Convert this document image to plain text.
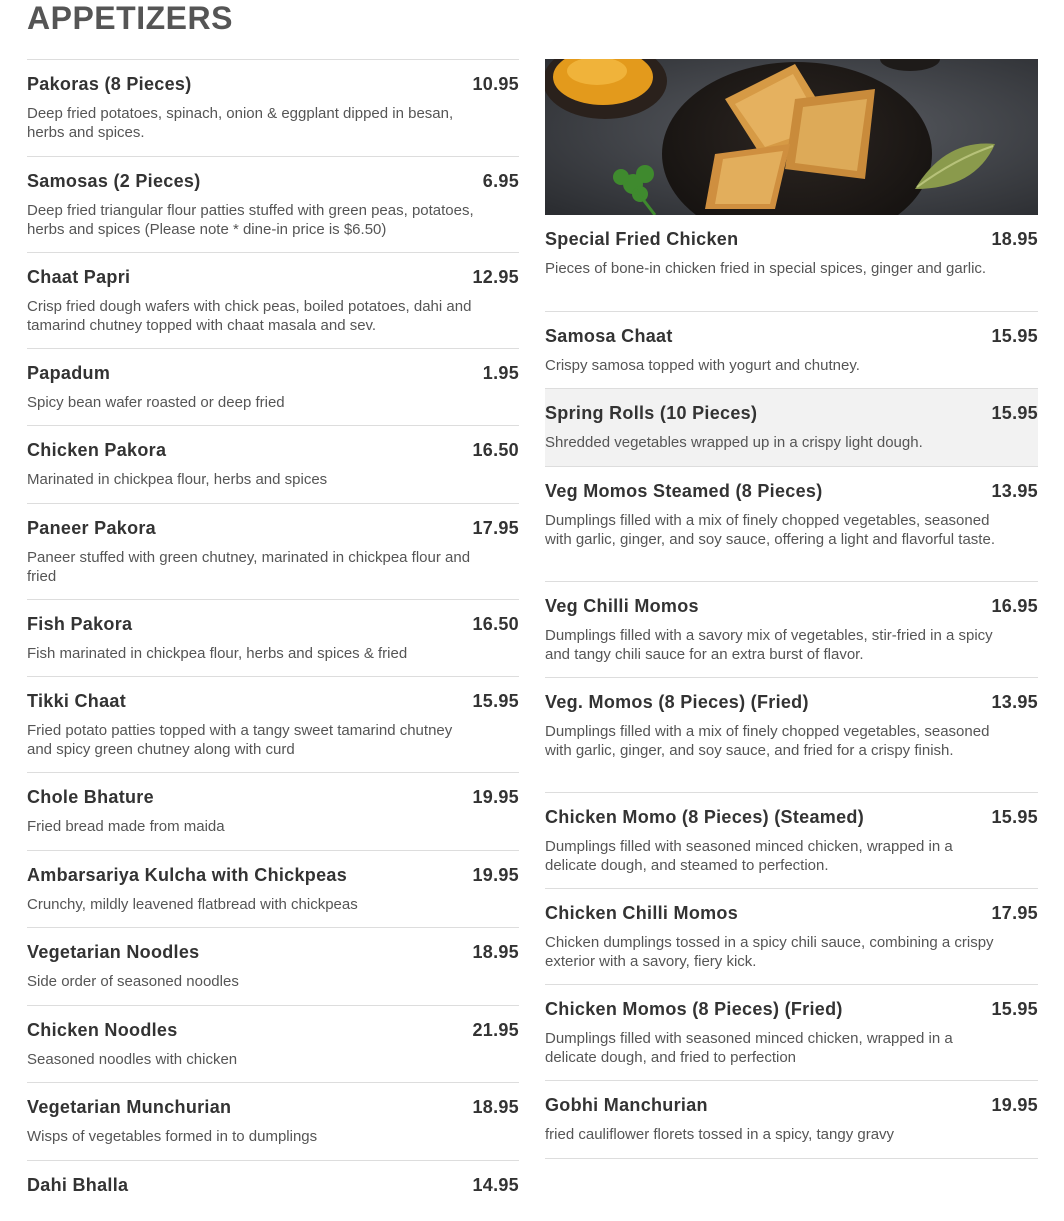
APPETIZERS
Pakoras (8 Pieces)	10.95
Deep fried potatoes, spinach, onion & eggplant dipped in besan, herbs and spices.
Samosas (2 Pieces)	6.95
Deep fried triangular flour patties stuffed with green peas, potatoes, herbs and spices (Please note * dine-in price is $6.50)
Chaat Papri	12.95
Crisp fried dough wafers with chick peas, boiled potatoes, dahi and tamarind chutney topped with chaat masala and sev.
Papadum	1.95
Spicy bean wafer roasted or deep fried
Chicken Pakora	16.50
Marinated in chickpea flour, herbs and spices
Paneer Pakora	17.95
Paneer stuffed with green chutney, marinated in chickpea flour and fried
Fish Pakora	16.50
Fish marinated in chickpea flour, herbs and spices & fried
Tikki Chaat	15.95
Fried potato patties topped with a tangy sweet tamarind chutney and spicy green chutney along with curd
Chole Bhature	19.95
Fried bread made from maida
Ambarsariya Kulcha with Chickpeas	19.95
Crunchy, mildly leavened flatbread with chickpeas
Vegetarian Noodles	18.95
Side order of seasoned noodles
Chicken Noodles	21.95
Seasoned noodles with chicken
Vegetarian Munchurian	18.95
Wisps of vegetables formed in to dumplings
Dahi Bhalla	14.95
Special Fried Chicken	18.95
Pieces of bone-in chicken fried in special spices, ginger and garlic.
Samosa Chaat	15.95
Crispy samosa topped with yogurt and chutney.
Spring Rolls (10 Pieces)	15.95
Shredded vegetables wrapped up in a crispy light dough.
Veg Momos Steamed (8 Pieces)	13.95
Dumplings filled with a mix of finely chopped vegetables, seasoned with garlic, ginger, and soy sauce, offering a light and flavorful taste.
Veg Chilli Momos	16.95
Dumplings filled with a savory mix of vegetables, stir-fried in a spicy and tangy chili sauce for an extra burst of flavor.
Veg. Momos (8 Pieces) (Fried)	13.95
Dumplings filled with a mix of finely chopped vegetables, seasoned with garlic, ginger, and soy sauce, and fried for a crispy finish.
Chicken Momo (8 Pieces) (Steamed)	15.95
Dumplings filled with seasoned minced chicken, wrapped in a delicate dough, and steamed to perfection.
Chicken Chilli Momos	17.95
Chicken dumplings tossed in a spicy chili sauce, combining a crispy exterior with a savory, fiery kick.
Chicken Momos (8 Pieces) (Fried)	15.95
Dumplings filled with seasoned minced chicken, wrapped in a delicate dough, and fried to perfection
Gobhi Manchurian	19.95
fried cauliflower florets tossed in a spicy, tangy gravy
